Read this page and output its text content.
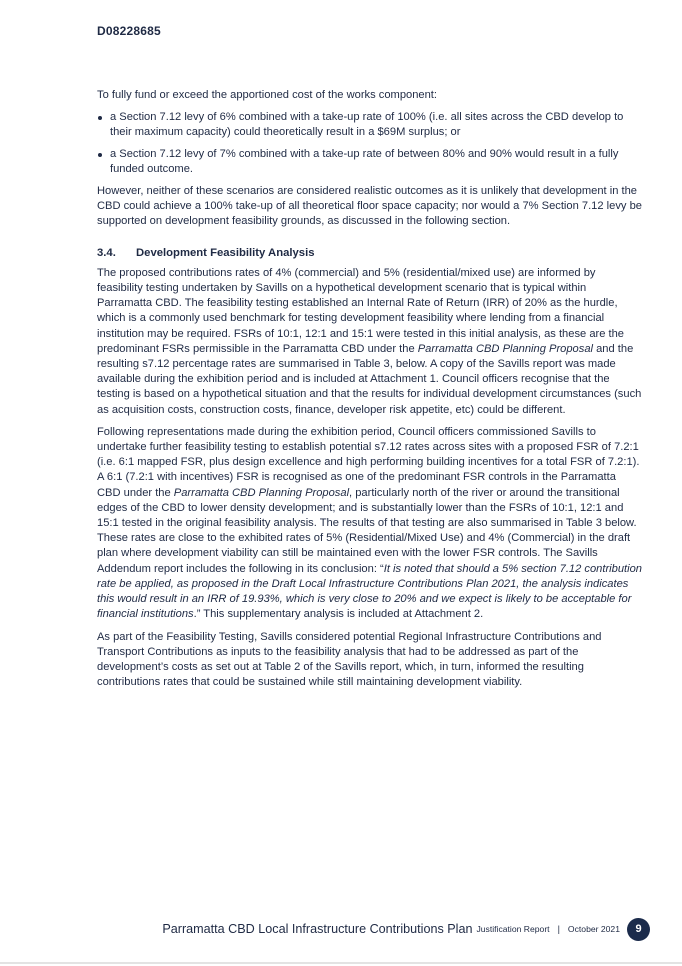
D08228685

To fully fund or exceed the apportioned cost of the works component:

a Section 7.12 levy of 6% combined with a take-up rate of 100% (i.e. all sites across the CBD develop to their maximum capacity) could theoretically result in a $69M surplus; or
a Section 7.12 levy of 7% combined with a take-up rate of between 80% and 90% would result in a fully funded outcome.

However, neither of these scenarios are considered realistic outcomes as it is unlikely that development in the CBD could achieve a 100% take-up of all theoretical floor space capacity; nor would a 7% Section 7.12 levy be supported on development feasibility grounds, as discussed in the following section.

3.4. Development Feasibility Analysis

The proposed contributions rates of 4% (commercial) and 5% (residential/mixed use) are informed by feasibility testing undertaken by Savills on a hypothetical development scenario that is typical within Parramatta CBD. The feasibility testing established an Internal Rate of Return (IRR) of 20% as the hurdle, which is a commonly used benchmark for testing development feasibility where lending from a financial institution may be required. FSRs of 10:1, 12:1 and 15:1 were tested in this initial analysis, as these are the predominant FSRs permissible in the Parramatta CBD under the Parramatta CBD Planning Proposal and the resulting s7.12 percentage rates are summarised in Table 3, below. A copy of the Savills report was made available during the exhibition period and is included at Attachment 1. Council officers recognise that the testing is based on a hypothetical situation and that the results for individual development circumstances (such as acquisition costs, construction costs, finance, developer risk appetite, etc) could be different.

Following representations made during the exhibition period, Council officers commissioned Savills to undertake further feasibility testing to establish potential s7.12 rates across sites with a proposed FSR of 7.2:1 (i.e. 6:1 mapped FSR, plus design excellence and high performing building incentives for a total FSR of 7.2:1). A 6:1 (7.2:1 with incentives) FSR is recognised as one of the predominant FSR controls in the Parramatta CBD under the Parramatta CBD Planning Proposal, particularly north of the river or around the transitional edges of the CBD to lower density development; and is substantially lower than the FSRs of 10:1, 12:1 and 15:1 tested in the original feasibility analysis. The results of that testing are also summarised in Table 3 below. These rates are close to the exhibited rates of 5% (Residential/Mixed Use) and 4% (Commercial) in the draft plan where development viability can still be maintained even with the lower FSR controls. The Savills Addendum report includes the following in its conclusion: “It is noted that should a 5% section 7.12 contribution rate be applied, as proposed in the Draft Local Infrastructure Contributions Plan 2021, the analysis indicates this would result in an IRR of 19.93%, which is very close to 20% and we expect is likely to be acceptable for financial institutions.” This supplementary analysis is included at Attachment 2.

As part of the Feasibility Testing, Savills considered potential Regional Infrastructure Contributions and Transport Contributions as inputs to the feasibility analysis that had to be addressed as part of the development’s costs as set out at Table 2 of the Savills report, which, in turn, informed the resulting contributions rates that could be sustained while still maintaining development viability.

Parramatta CBD Local Infrastructure Contributions Plan Justification Report | October 2021	9
